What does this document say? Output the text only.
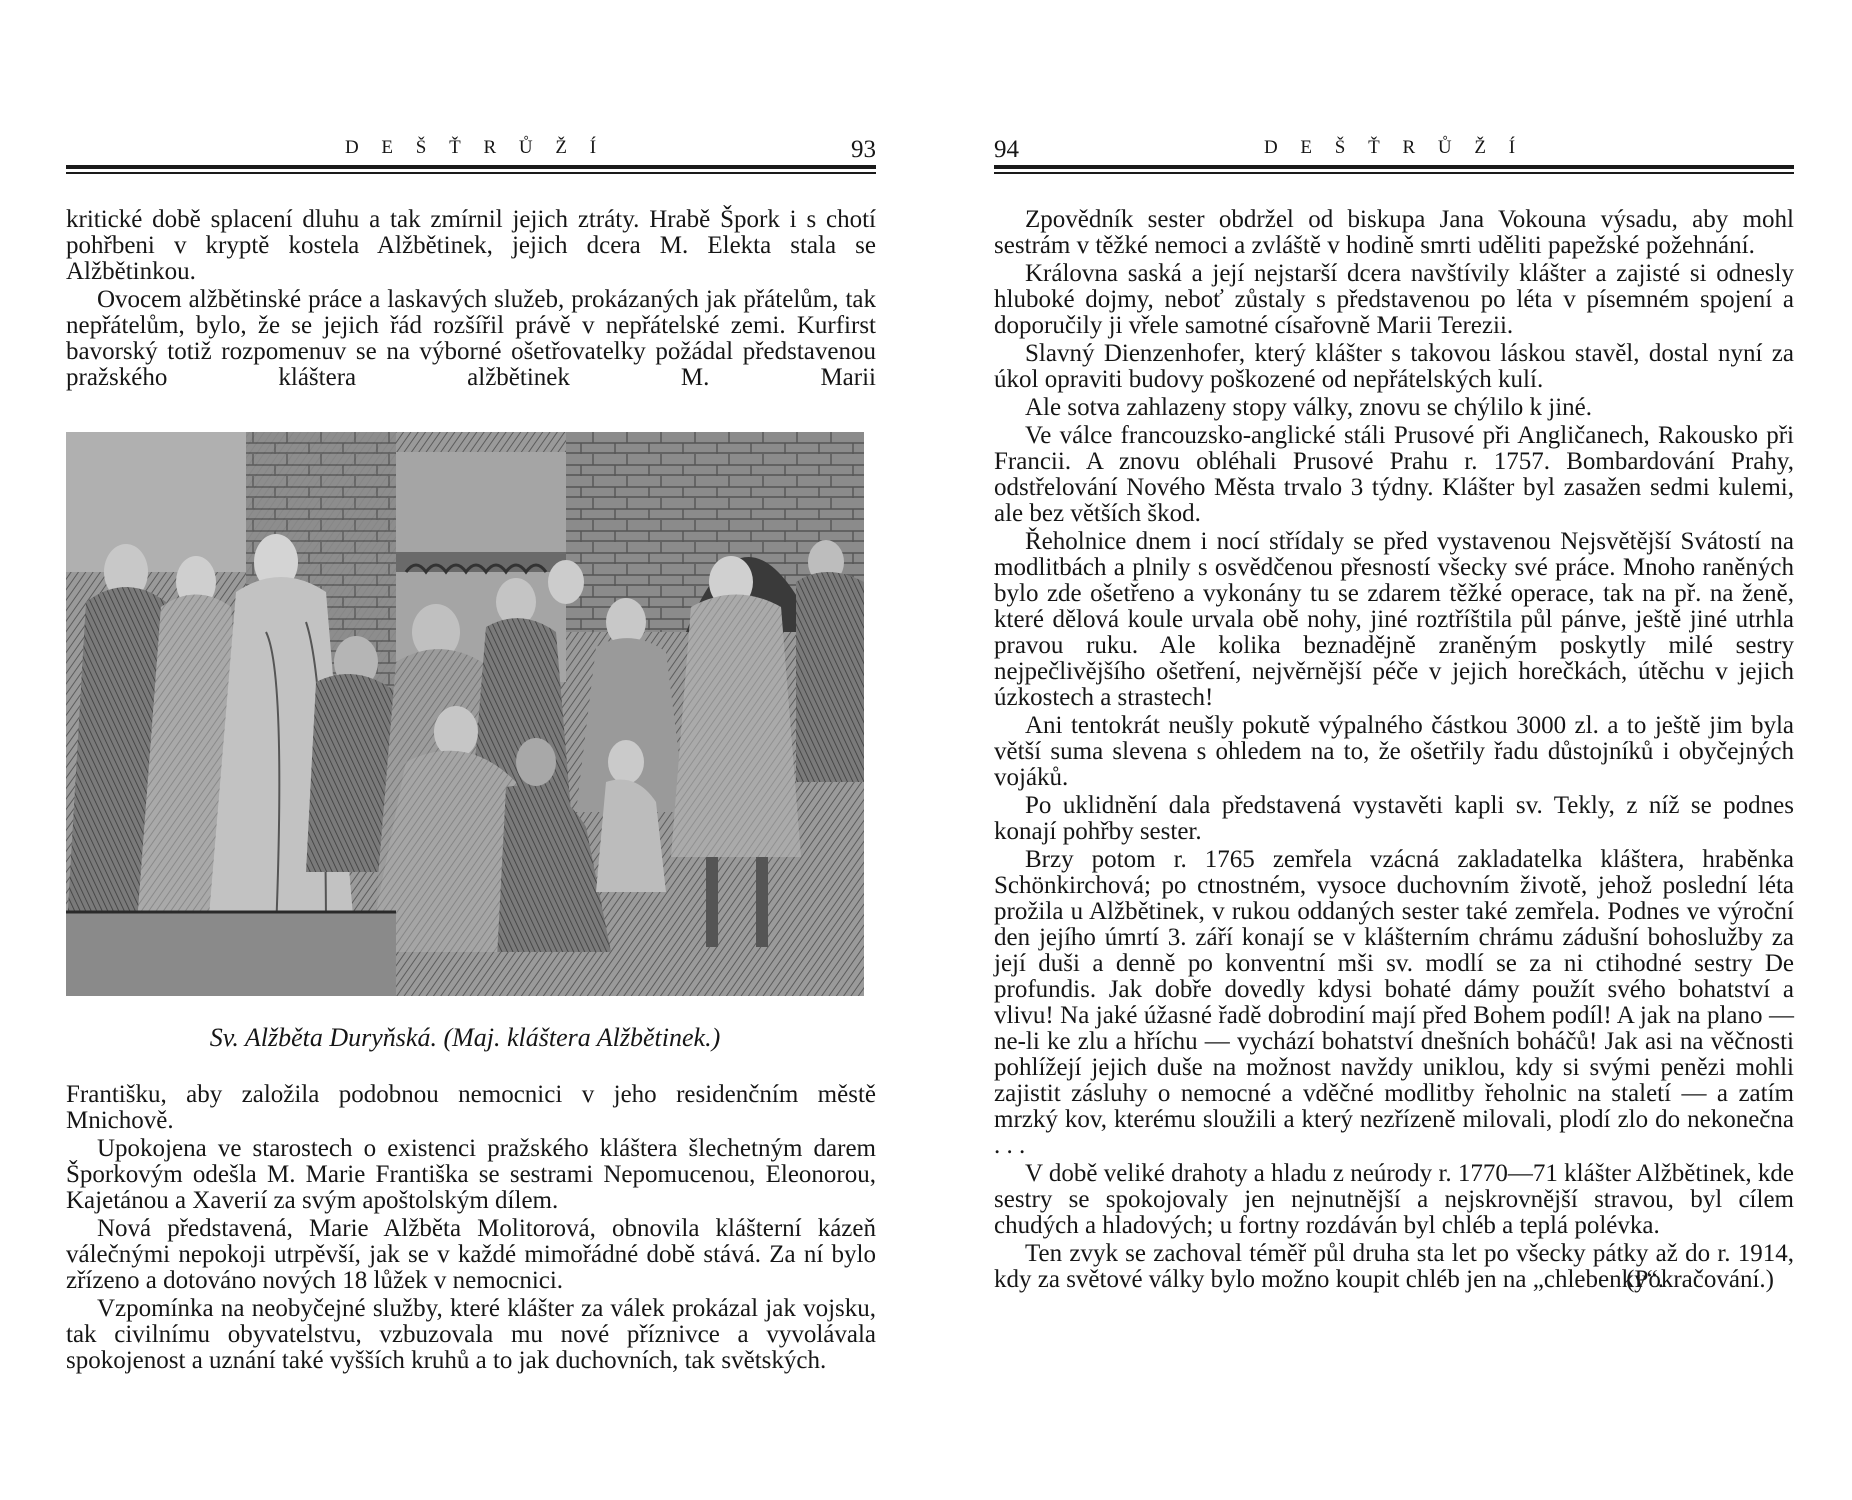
D E Š Ť R Ů Ž Í	93

kritické době splacení dluhu a tak zmírnil jejich ztráty. Hrabě Špork i s chotí pohřbeni v kryptě kostela Alžbětinek, jejich dcera M. Elekta stala se Alžbětinkou.

Ovocem alžbětinské práce a laskavých služeb, prokázaných jak přátelům, tak nepřátelům, bylo, že se jejich řád rozšířil právě v nepřátelské zemi. Kurfirst bavorský totiž rozpomenuv se na výborné ošetřovatelky požádal představenou pražského kláštera alžbětinek M. Marii

Sv. Alžběta Duryňská. (Maj. kláštera Alžbětinek.)

Františku, aby založila podobnou nemocnici v jeho residenčním městě Mnichově.

Upokojena ve starostech o existenci pražského kláštera šlechetným darem Šporkovým odešla M. Marie Františka se sestrami Nepomucenou, Eleonorou, Kajetánou a Xaverií za svým apoštolským dílem.

Nová představená, Marie Alžběta Molitorová, obnovila klášterní kázeň válečnými nepokoji utrpěvší, jak se v každé mimořádné době stává. Za ní bylo zřízeno a dotováno nových 18 lůžek v nemocnici.

Vzpomínka na neobyčejné služby, které klášter za válek prokázal jak vojsku, tak civilnímu obyvatelstvu, vzbuzovala mu nové příznivce a vyvolávala spokojenost a uznání také vyšších kruhů a to jak duchovních, tak světských.

94	D E Š Ť R Ů Ž Í

Zpovědník sester obdržel od biskupa Jana Vokouna výsadu, aby mohl sestrám v těžké nemoci a zvláště v hodině smrti uděliti papežské požehnání.

Královna saská a její nejstarší dcera navštívily klášter a zajisté si odnesly hluboké dojmy, neboť zůstaly s představenou po léta v písemném spojení a doporučily ji vřele samotné císařovně Marii Terezii.

Slavný Dienzenhofer, který klášter s takovou láskou stavěl, dostal nyní za úkol opraviti budovy poškozené od nepřátelských kulí.

Ale sotva zahlazeny stopy války, znovu se chýlilo k jiné.

Ve válce francouzsko-anglické stáli Prusové při Angličanech, Rakousko při Francii. A znovu obléhali Prusové Prahu r. 1757. Bombardování Prahy, odstřelování Nového Města trvalo 3 týdny. Klášter byl zasažen sedmi kulemi, ale bez větších škod.

Řeholnice dnem i nocí střídaly se před vystavenou Nejsvětější Svátostí na modlitbách a plnily s osvědčenou přesností všecky své práce. Mnoho raněných bylo zde ošetřeno a vykonány tu se zdarem těžké operace, tak na př. na ženě, které dělová koule urvala obě nohy, jiné roztříštila půl pánve, ještě jiné utrhla pravou ruku. Ale kolika beznadějně zraněným poskytly milé sestry nejpečlivějšího ošetření, nejvěrnější péče v jejich horečkách, útěchu v jejich úzkostech a strastech!

Ani tentokrát neušly pokutě výpalného částkou 3000 zl. a to ještě jim byla větší suma slevena s ohledem na to, že ošetřily řadu důstojníků i obyčejných vojáků.

Po uklidnění dala představená vystavěti kapli sv. Tekly, z níž se podnes konají pohřby sester.

Brzy potom r. 1765 zemřela vzácná zakladatelka kláštera, hraběnka Schönkirchová; po ctnostném, vysoce duchovním životě, jehož poslední léta prožila u Alžbětinek, v rukou oddaných sester také zemřela. Podnes ve výroční den jejího úmrtí 3. září konají se v klášterním chrámu zádušní bohoslužby za její duši a denně po konventní mši sv. modlí se za ni ctihodné sestry De profundis. Jak dobře dovedly kdysi bohaté dámy použít svého bohatství a vlivu! Na jaké úžasné řadě dobrodiní mají před Bohem podíl! A jak na plano — ne-li ke zlu a hříchu — vychází bohatství dnešních boháčů! Jak asi na věčnosti pohlížejí jejich duše na možnost navždy uniklou, kdy si svými penězi mohli zajistit zásluhy o nemocné a vděčné modlitby řeholnic na staletí — a zatím mrzký kov, kterému sloužili a který nezřízeně milovali, plodí zlo do nekonečna . . .

V době veliké drahoty a hladu z neúrody r. 1770—71 klášter Alžbětinek, kde sestry se spokojovaly jen nejnutnější a nejskrovnější stravou, byl cílem chudých a hladových; u fortny rozdáván byl chléb a teplá polévka.

Ten zvyk se zachoval téměř půl druha sta let po všecky pátky až do r. 1914, kdy za světové války bylo možno koupit chléb jen na „chlebenky“.

(Pokračování.)
